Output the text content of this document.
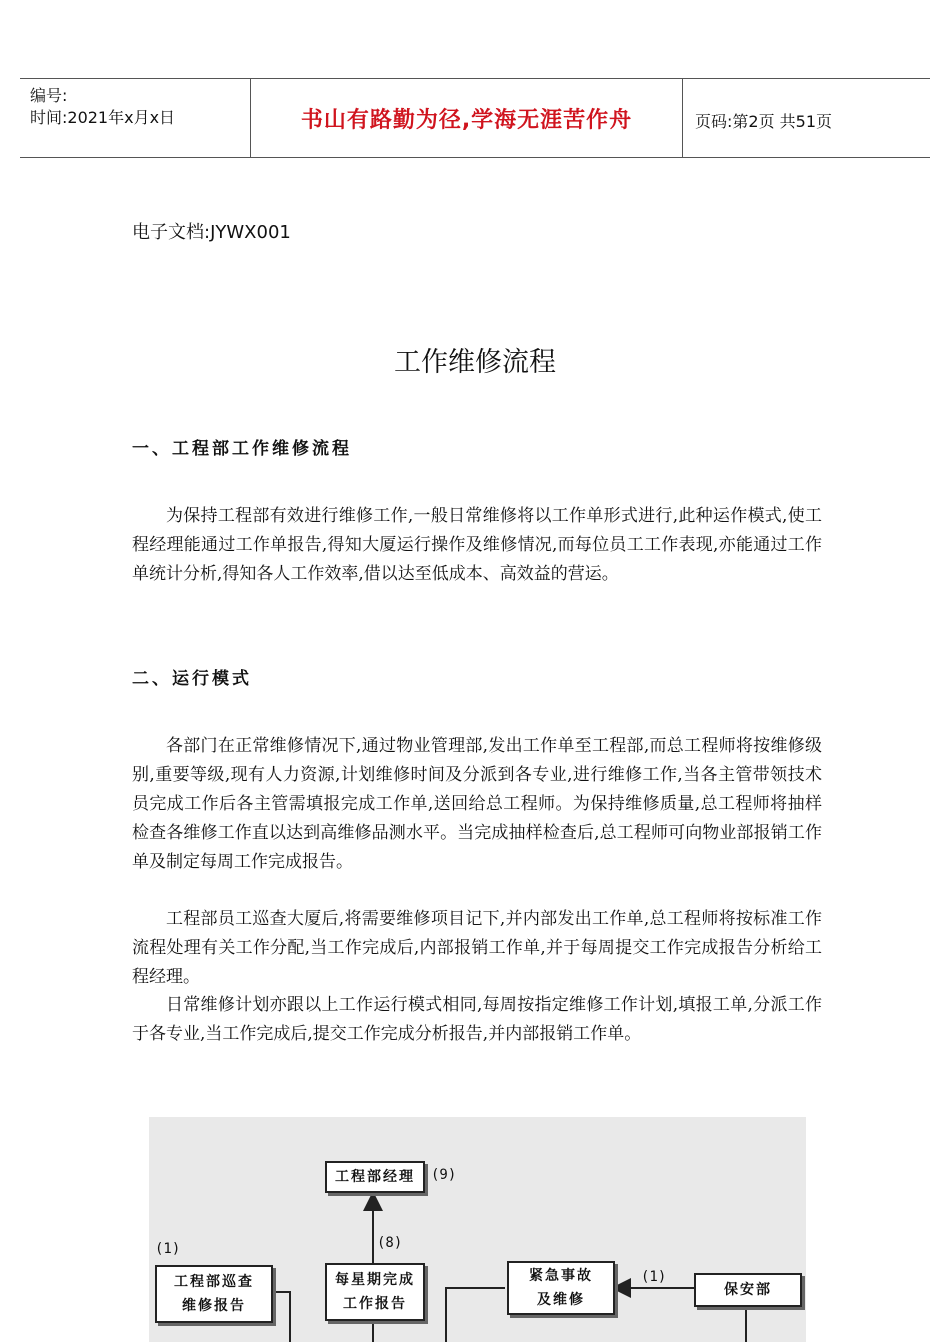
编号:
时间:2021年x月x日	书山有路勤为径,学海无涯苦作舟	页码:第2页 共51页
电子文档:JYWX001
工作维修流程
一、工程部工作维修流程

为保持工程部有效进行维修工作,一般日常维修将以工作单形式进行,此种运作模式,使工程经理能通过工作单报告,得知大厦运行操作及维修情况,而每位员工工作表现,亦能通过工作单统计分析,得知各人工作效率,借以达至低成本、高效益的营运。

二、运行模式

各部门在正常维修情况下,通过物业管理部,发出工作单至工程部,而总工程师将按维修级别,重要等级,现有人力资源,计划维修时间及分派到各专业,进行维修工作,当各主管带领技术员完成工作后各主管需填报完成工作单,送回给总工程师。为保持维修质量,总工程师将抽样检查各维修工作直以达到高维修品测水平。当完成抽样检查后,总工程师可向物业部报销工作单及制定每周工作完成报告。

工程部员工巡查大厦后,将需要维修项目记下,并内部发出工作单,总工程师将按标准工作流程处理有关工作分配,当工作完成后,内部报销工作单,并于每周提交工作完成报告分析给工程经理。

日常维修计划亦跟以上工作运行模式相同,每周按指定维修工作计划,填报工单,分派工作于各专业,当工作完成后,提交工作完成分析报告,并内部报销工作单。

工程部经理	(9)
(8)
每星期完成
工作报告
(1)
工程部巡查
维修报告
紧急事故
及维修
(1)
保安部
